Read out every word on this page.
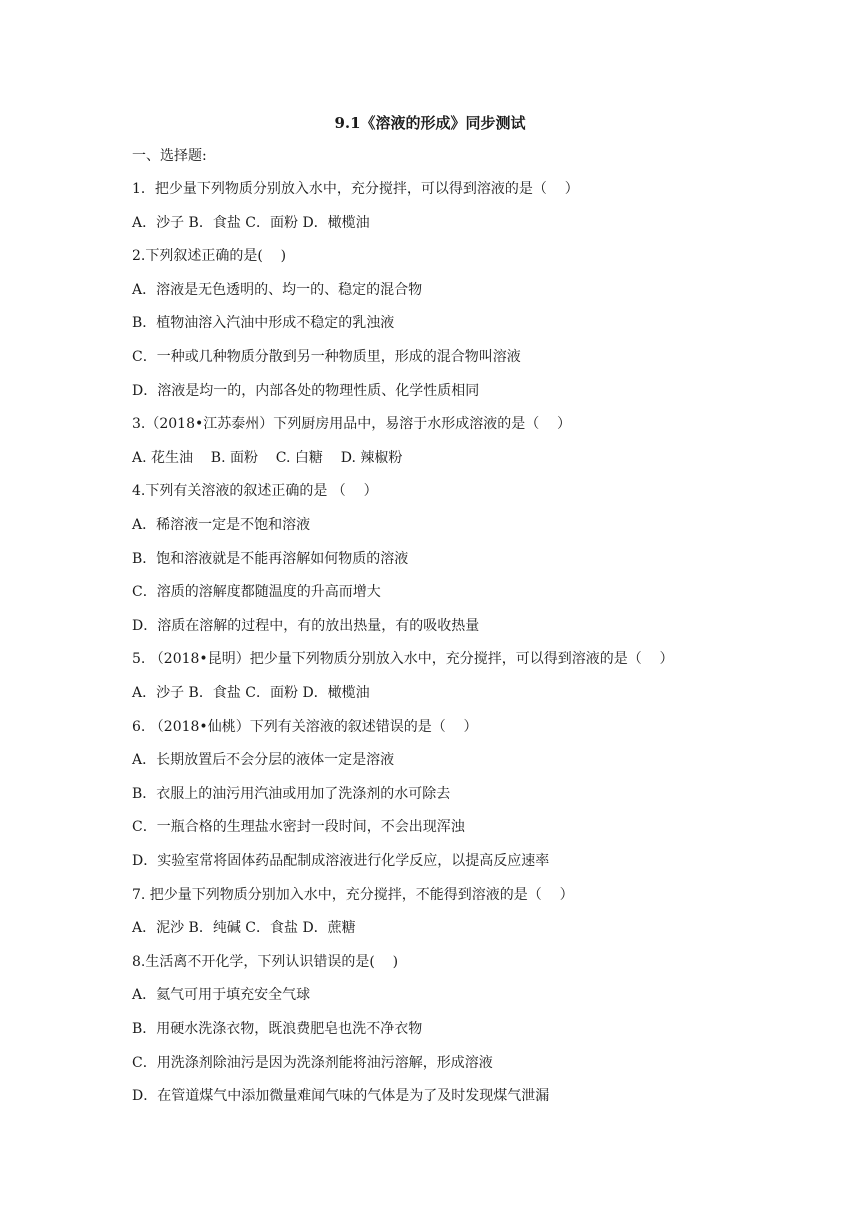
9.1《溶液的形成》同步测试
一、选择题:
1．把少量下列物质分别放入水中，充分搅拌，可以得到溶液的是（    ）
A．沙子 B．食盐 C．面粉 D．橄榄油
2.下列叙述正确的是(    )
A．溶液是无色透明的、均一的、稳定的混合物
B．植物油溶入汽油中形成不稳定的乳浊液
C．一种或几种物质分散到另一种物质里，形成的混合物叫溶液
D．溶液是均一的，内部各处的物理性质、化学性质相同
3.（2018•江苏泰州）下列厨房用品中，易溶于水形成溶液的是（    ）
A. 花生油    B. 面粉    C. 白糖    D. 辣椒粉
4.下列有关溶液的叙述正确的是 （    ）
A．稀溶液一定是不饱和溶液
B．饱和溶液就是不能再溶解如何物质的溶液
C．溶质的溶解度都随温度的升高而增大
D．溶质在溶解的过程中，有的放出热量，有的吸收热量
5. （2018•昆明）把少量下列物质分别放入水中，充分搅拌，可以得到溶液的是（    ）
A．沙子 B．食盐 C．面粉 D．橄榄油
6. （2018•仙桃）下列有关溶液的叙述错误的是（    ）
A．长期放置后不会分层的液体一定是溶液
B．衣服上的油污用汽油或用加了洗涤剂的水可除去
C．一瓶合格的生理盐水密封一段时间，不会出现浑浊
D．实验室常将固体药品配制成溶液进行化学反应，以提高反应速率
7. 把少量下列物质分别加入水中，充分搅拌，不能得到溶液的是（    ）
A．泥沙 B．纯碱 C．食盐 D．蔗糖
8.生活离不开化学，下列认识错误的是(    )
A．氦气可用于填充安全气球
B．用硬水洗涤衣物，既浪费肥皂也洗不净衣物
C．用洗涤剂除油污是因为洗涤剂能将油污溶解，形成溶液
D．在管道煤气中添加微量难闻气味的气体是为了及时发现煤气泄漏
